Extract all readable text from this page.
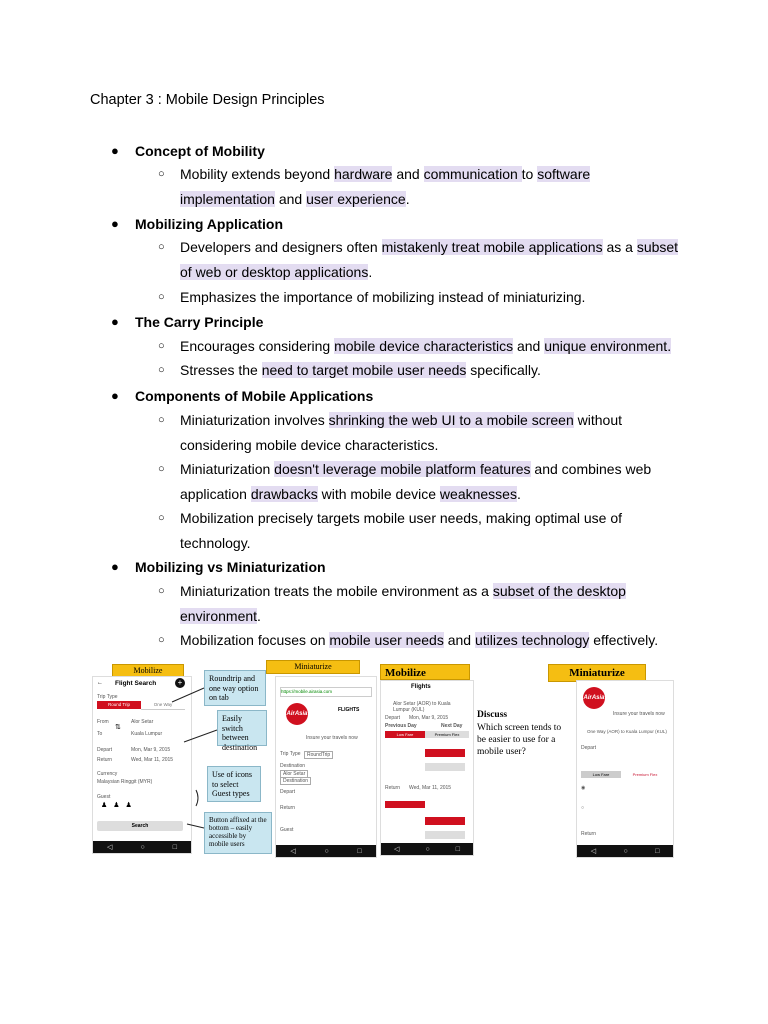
Chapter 3 : Mobile Design Principles
● Concept of Mobility
○ Mobility extends beyond hardware and communication to software implementation and user experience.
● Mobilizing Application
○ Developers and designers often mistakenly treat mobile applications as a subset of web or desktop applications.
○ Emphasizes the importance of mobilizing instead of miniaturizing.
● The Carry Principle
○ Encourages considering mobile device characteristics and unique environment.
○ Stresses the need to target mobile user needs specifically.
● Components of Mobile Applications
○ Miniaturization involves shrinking the web UI to a mobile screen without considering mobile device characteristics.
○ Miniaturization doesn't leverage mobile platform features and combines web application drawbacks with mobile device weaknesses.
○ Mobilization precisely targets mobile user needs, making optimal use of technology.
● Mobilizing vs Miniaturization
○ Miniaturization treats the mobile environment as a subset of the desktop environment.
○ Mobilization focuses on mobile user needs and utilizes technology effectively.
Mobilize
← Flight Search	+
Trip Type
Round Trip	One Way
From	Alor Setar
⇅
To	Kuala Lumpur
Depart	Mon, Mar 9, 2015
Return	Wed, Mar 11, 2015
Currency
Malaysian Ringgit (MYR)
Guest
♟♟♟
Search
◁	○	□
Roundtrip and one way option on tab
Easily switch between destination
Use of icons to select Guest types
Button affixed at the bottom – easily accessible by mobile users
Miniaturize
https://mobile.airasia.com
AirAsia
FLIGHTS
Insure your travels now
Trip Type	RoundTrip
Destination
Alor Setar
Destination
Depart
Return
Guest
◁	○	□
Mobilize
Flights
Alor Setar (AOR) to Kuala Lumpur (KUL)
Depart Mon, Mar 9, 2015
Previous Day	Next Day
Low Fare	Premium Flex
Return Wed, Mar 11, 2015
◁	○	□
Discuss
Which screen tends to be easier to use for a mobile user?
Miniaturize
AirAsia
Insure your travels now
One Way (AOR) to Kuala Lumpur (KUL)
Depart
Low Fare	Premium Flex
◉
○
Return
◁	○	□
